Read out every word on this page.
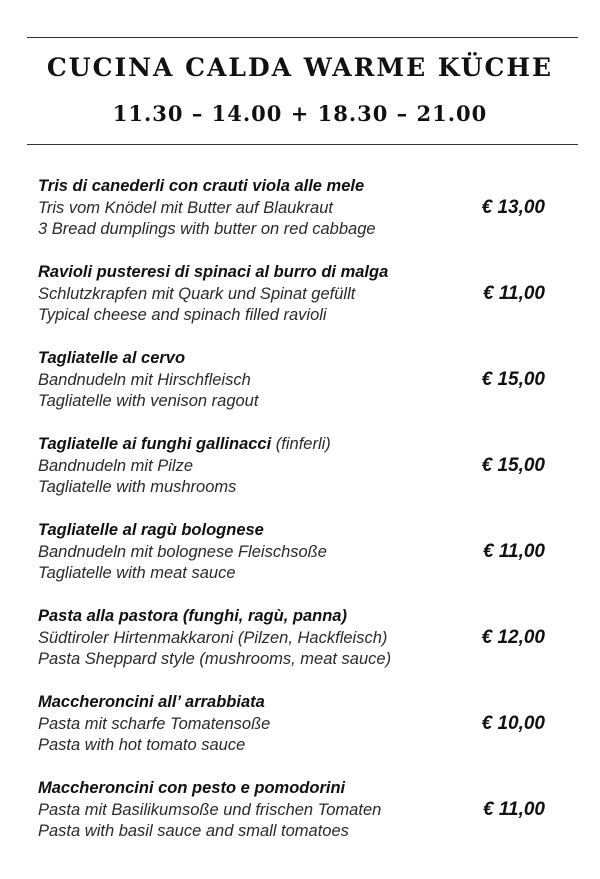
CUCINA CALDA WARME KÜCHE
11.30 – 14.00 + 18.30 – 21.00
Tris di canederli con crauti viola alle mele
Tris vom Knödel mit Butter auf Blaukraut
3 Bread dumplings with butter on red cabbage
€ 13,00
Ravioli pusteresi di spinaci al burro di malga
Schlutzkrapfen mit Quark und Spinat gefüllt
Typical cheese and spinach filled ravioli
€ 11,00
Tagliatelle al cervo
Bandnudeln mit Hirschfleisch
Tagliatelle with venison ragout
€ 15,00
Tagliatelle ai funghi gallinacci (finferli)
Bandnudeln mit Pilze
Tagliatelle with mushrooms
€ 15,00
Tagliatelle al ragù bolognese
Bandnudeln mit bolognese Fleischsoße
Tagliatelle with meat sauce
€ 11,00
Pasta alla pastora (funghi, ragù, panna)
Südtiroler Hirtenmakkaroni (Pilzen, Hackfleisch)
Pasta Sheppard style (mushrooms, meat sauce)
€ 12,00
Maccheroncini all’ arrabbiata
Pasta mit scharfe Tomatensoße
Pasta with hot tomato sauce
€ 10,00
Maccheroncini con pesto e pomodorini
Pasta mit Basilikumsoße und frischen Tomaten
Pasta with basil sauce and small tomatoes
€ 11,00
